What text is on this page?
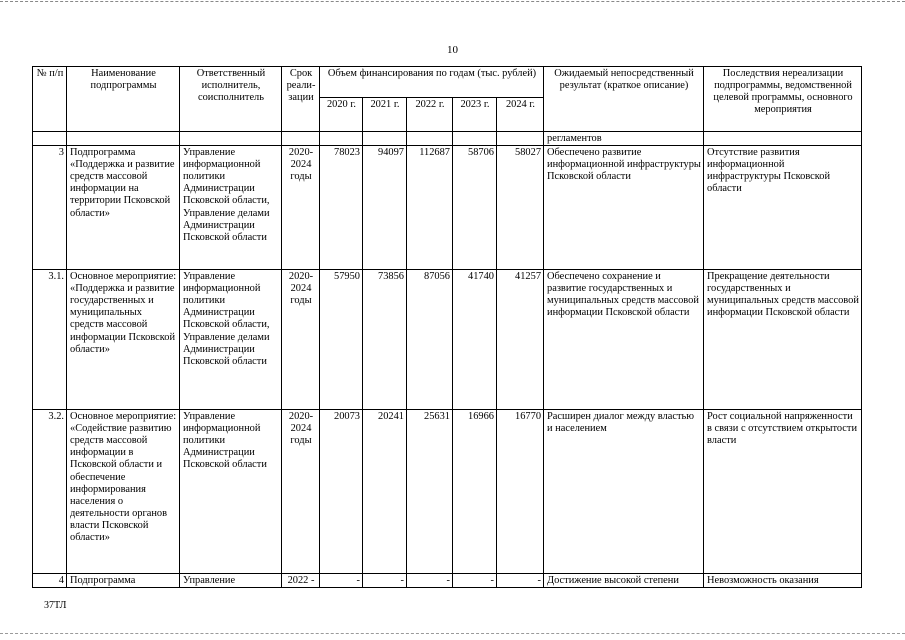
10
№ п/п	Наименование подпрограммы	Ответственный исполнитель, соисполнитель	Срок реали-зации	Объем финансирования по годам (тыс. рублей)					Ожидаемый непосредственный результат (краткое описание)	Последствия нереализации подпрограммы, ведомственной целевой программы, основного мероприятия
				2020 г.	2021 г.	2022 г.	2023 г.	2024 г.		
									регламентов	
3	Подпрограмма «Поддержка и развитие средств массовой информации на территории Псковской области»	Управление информационной политики Администрации Псковской области, Управление делами Администрации Псковской области	2020-2024 годы	78023	94097	112687	58706	58027	Обеспечено развитие информационной инфраструктуры Псковской области	Отсутствие развития информационной инфраструктуры Псковской области
3.1.	Основное мероприятие: «Поддержка и развитие государственных и муниципальных средств массовой информации Псковской области»	Управление информационной политики Администрации Псковской области, Управление делами Администрации Псковской области	2020-2024 годы	57950	73856	87056	41740	41257	Обеспечено сохранение и развитие государственных и муниципальных средств массовой информации Псковской области	Прекращение деятельности государственных и муниципальных средств массовой информации Псковской области
3.2.	Основное мероприятие: «Содействие развитию средств массовой информации в Псковской области и обеспечение информирования населения о деятельности органов власти Псковской области»	Управление информационной политики Администрации Псковской области	2020-2024 годы	20073	20241	25631	16966	16770	Расширен диалог между властью и населением	Рост социальной напряженности в связи с отсутствием открытости власти
4	Подпрограмма	Управление	2022 -	-	-	-	-	-	Достижение высокой степени	Невозможность оказания
37ТЛ
